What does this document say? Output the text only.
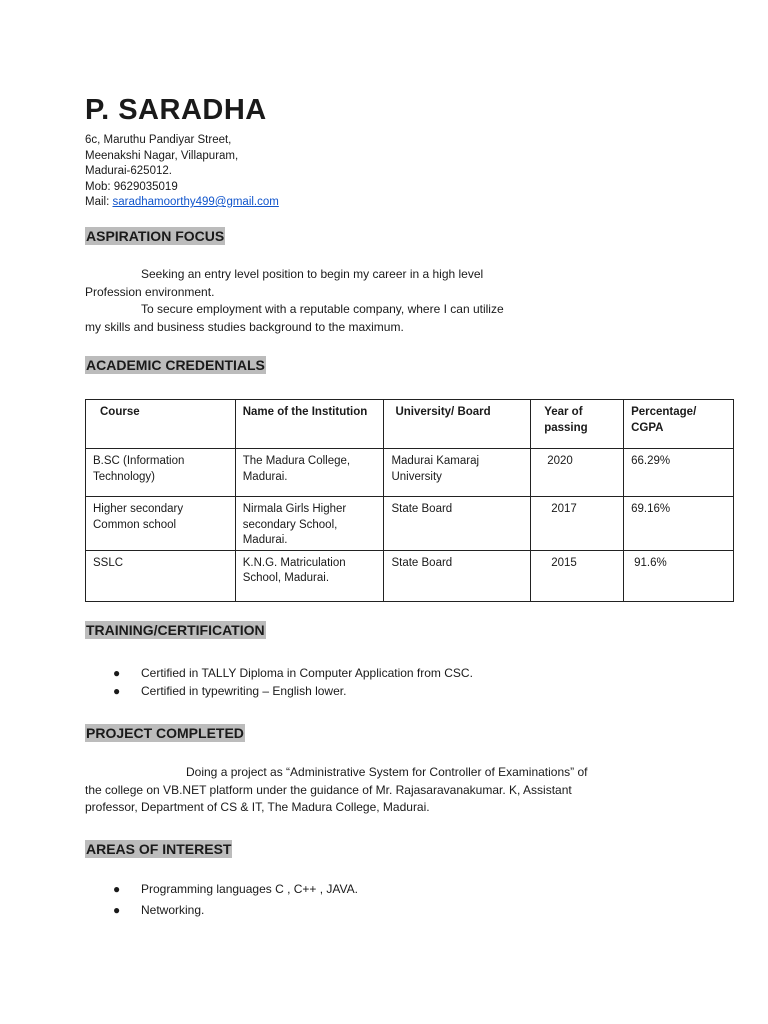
P. SARADHA
6c, Maruthu Pandiyar Street,
Meenakshi Nagar, Villapuram,
Madurai-625012.
Mob: 9629035019
Mail: saradhamoorthy499@gmail.com
ASPIRATION FOCUS
Seeking an entry level position to begin my career in a high level
Profession environment.
To secure employment with a reputable company, where I can utilize
my skills and business studies background to the maximum.
ACADEMIC CREDENTIALS
Course	Name of the Institution	University/ Board	Year of passing	Percentage/ CGPA
B.SC (Information Technology)	The Madura College, Madurai.	Madurai Kamaraj University	2020	66.29%
Higher secondary Common school	Nirmala Girls Higher secondary School, Madurai.	State Board	2017	69.16%
SSLC	K.N.G. Matriculation School, Madurai.	State Board	2015	91.6%
TRAINING/CERTIFICATION
● Certified in TALLY Diploma in Computer Application from CSC.
● Certified in typewriting – English lower.
PROJECT COMPLETED
Doing a project as “Administrative System for Controller of Examinations” of
the college on VB.NET platform under the guidance of Mr. Rajasaravanakumar. K, Assistant
professor, Department of CS & IT, The Madura College, Madurai.
AREAS OF INTEREST
● Programming languages C , C++ , JAVA.
● Networking.
